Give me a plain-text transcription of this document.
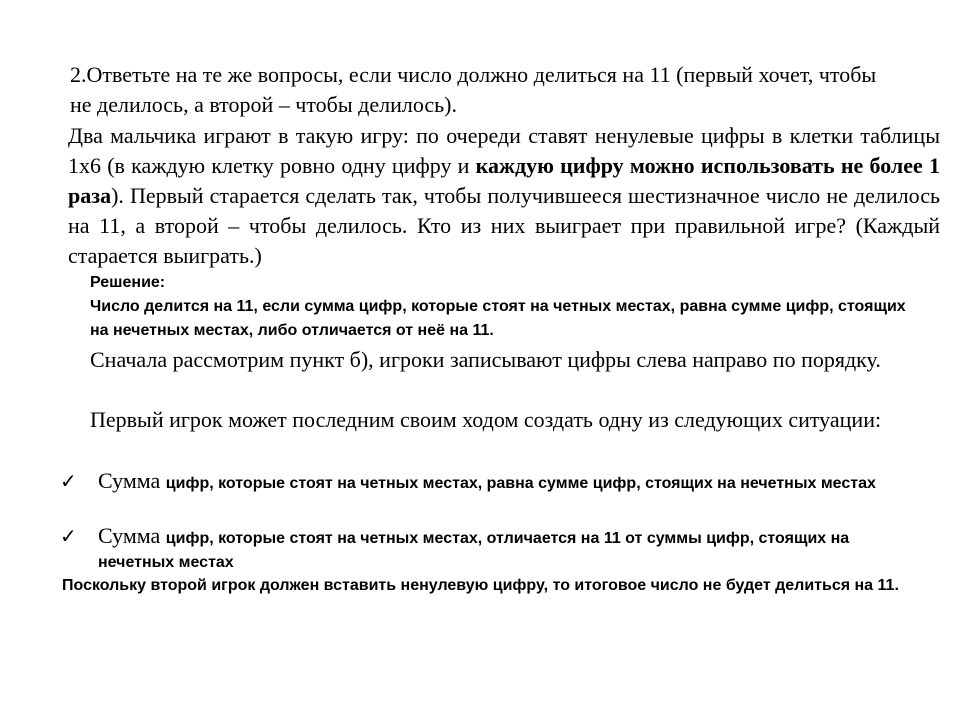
2.Ответьте на те же вопросы, если число должно делиться на 11 (первый хочет, чтобы не делилось, а второй – чтобы делилось).

Два мальчика играют в такую игру: по очереди ставят ненулевые цифры в клетки таблицы 1х6 (в каждую клетку ровно одну цифру и каждую цифру можно использовать не более 1 раза). Первый старается сделать так, чтобы получившееся шестизначное число не делилось на 11, а второй – чтобы делилось. Кто из них выиграет при правильной игре? (Каждый старается выиграть.)

Решение:

Число делится на 11, если сумма цифр, которые стоят на четных местах, равна сумме цифр, стоящих на нечетных местах, либо отличается от неё на 11.

Сначала рассмотрим пункт б), игроки записывают цифры слева направо по порядку.

Первый игрок может последним своим ходом создать одну из следующих ситуации:

✓ Сумма цифр, которые стоят на четных местах, равна сумме цифр, стоящих на нечетных местах
✓ Сумма цифр, которые стоят на четных местах, отличается на 11 от суммы цифр, стоящих на нечетных местах

Поскольку второй игрок должен вставить ненулевую цифру, то итоговое число не будет делиться на 11.
